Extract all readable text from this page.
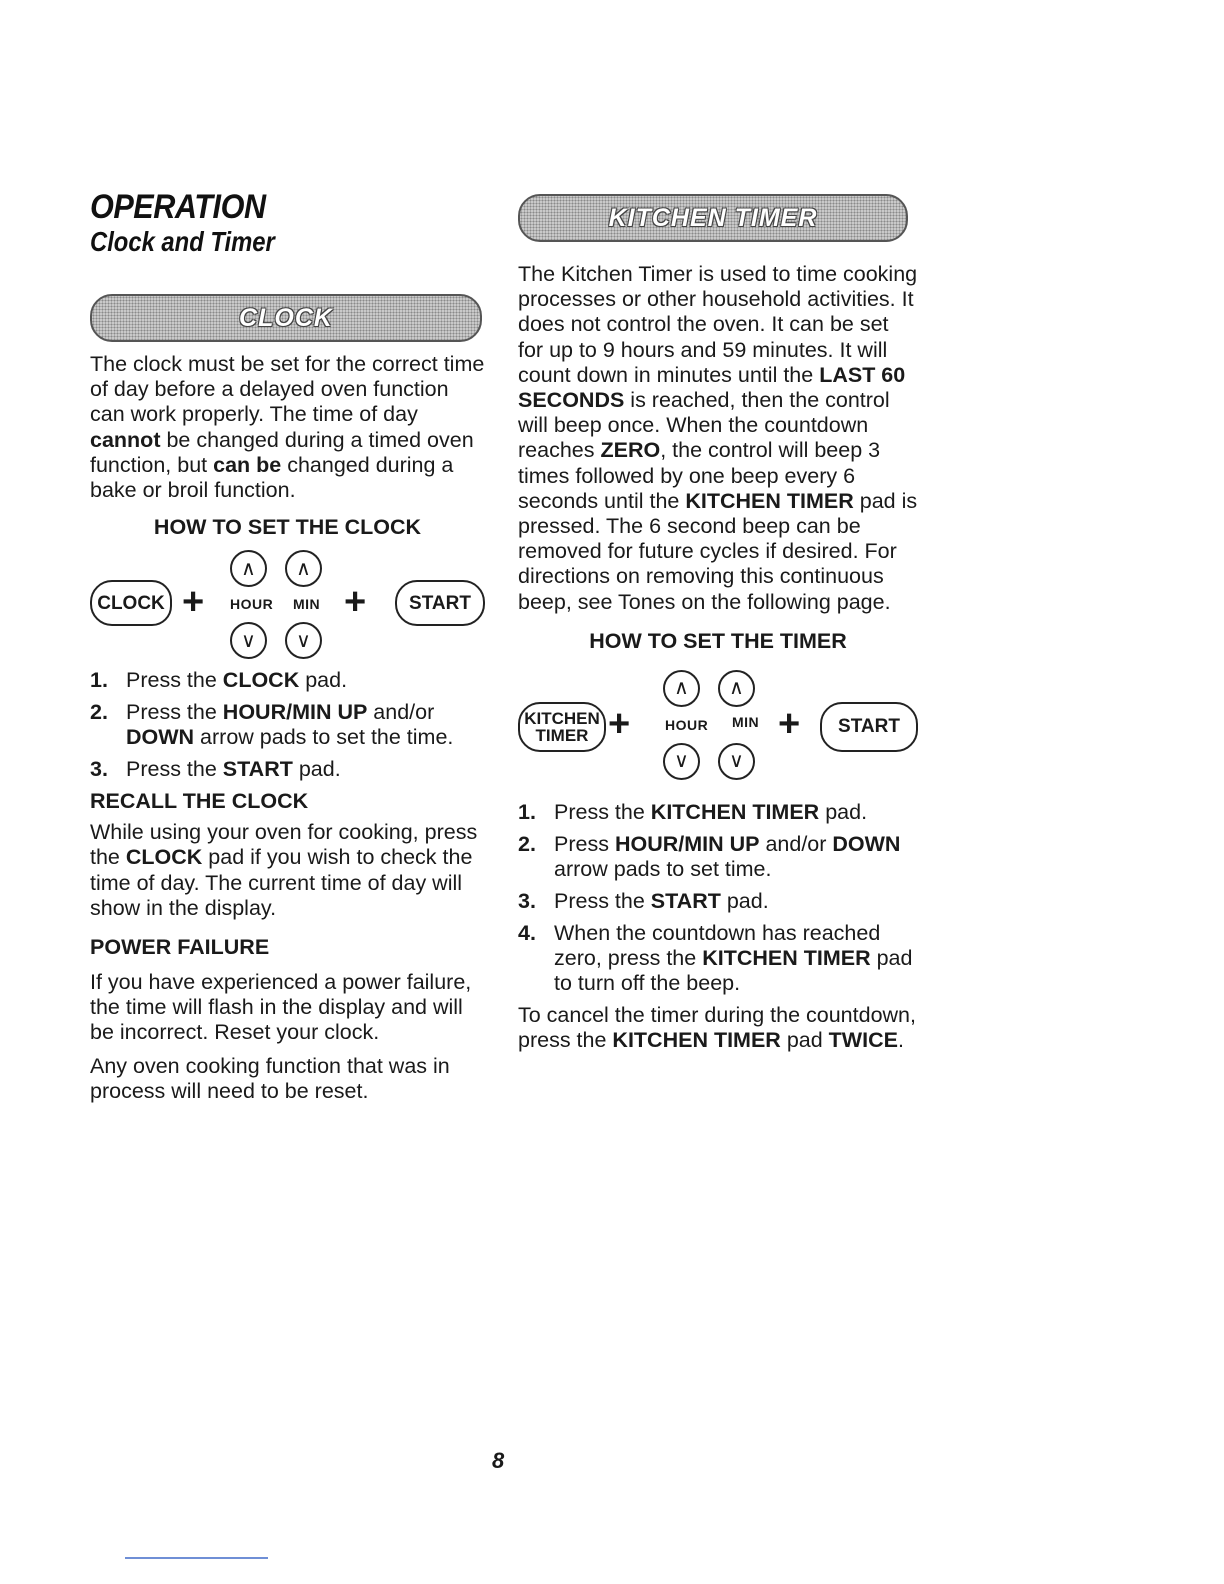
OPERATION
Clock and Timer
CLOCK

The clock must be set for the correct time of day before a delayed oven function can work properly. The time of day cannot be changed during a timed oven function, but can be changed during a bake or broil function.

HOW TO SET THE CLOCK
CLOCK +
∧	∧
HOUR MIN
∨	∨
+	START
1. Press the CLOCK pad.
2. Press the HOUR/MIN UP and/or DOWN arrow pads to set the time.
3. Press the START pad.
RECALL THE CLOCK

While using your oven for cooking, press the CLOCK pad if you wish to check the time of day. The current time of day will show in the display.

POWER FAILURE

If you have experienced a power failure, the time will flash in the display and will be incorrect. Reset your clock.

Any oven cooking function that was in process will need to be reset.

KITCHEN TIMER

The Kitchen Timer is used to time cooking processes or other household activities. It does not control the oven. It can be set for up to 9 hours and 59 minutes. It will count down in minutes until the LAST 60 SECONDS is reached, then the control will beep once. When the countdown reaches ZERO, the control will beep 3 times followed by one beep every 6 seconds until the KITCHEN TIMER pad is pressed. The 6 second beep can be removed for future cycles if desired. For directions on removing this continuous beep, see Tones on the following page.

HOW TO SET THE TIMER
KITCHEN
TIMER +
∧	∧
HOUR MIN
∨	∨
+	START
1. Press the KITCHEN TIMER pad.
2. Press HOUR/MIN UP and/or DOWN arrow pads to set time.
3. Press the START pad.
4. When the countdown has reached zero, press the KITCHEN TIMER pad to turn off the beep.

To cancel the timer during the countdown, press the KITCHEN TIMER pad TWICE.

8
